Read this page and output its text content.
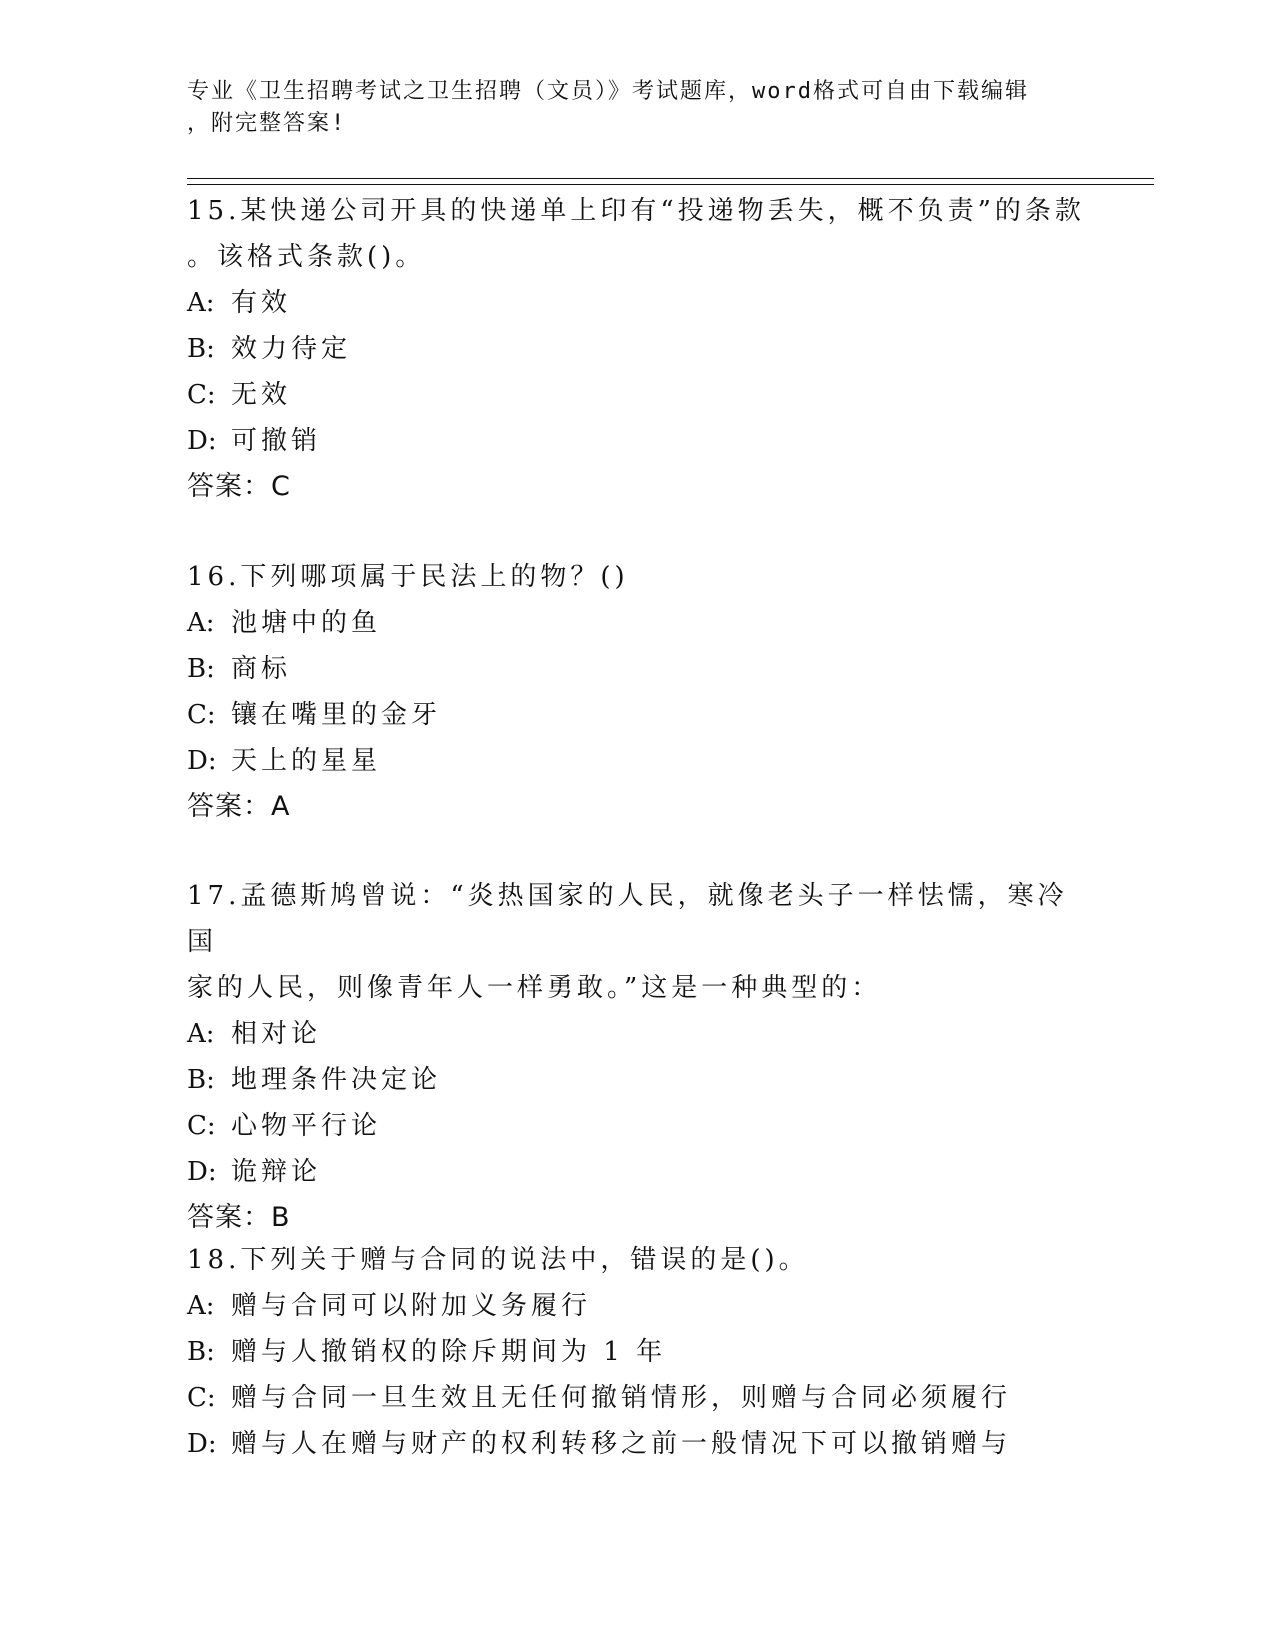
专业《卫生招聘考试之卫生招聘（文员）》考试题库，word格式可自由下载编辑
，附完整答案!
15.某快递公司开具的快递单上印有“投递物丢失，概不负责”的条款
。该格式条款()。
A: 有效
B: 效力待定
C: 无效
D: 可撤销
答案：C
16.下列哪项属于民法上的物？()
A: 池塘中的鱼
B: 商标
C: 镶在嘴里的金牙
D: 天上的星星
答案：A
17.孟德斯鸠曾说：“炎热国家的人民，就像老头子一样怯懦，寒冷国
家的人民，则像青年人一样勇敢。”这是一种典型的：
A: 相对论
B: 地理条件决定论
C: 心物平行论
D: 诡辩论
答案：B
18.下列关于赠与合同的说法中，错误的是()。
A: 赠与合同可以附加义务履行
B: 赠与人撤销权的除斥期间为 1 年
C: 赠与合同一旦生效且无任何撤销情形，则赠与合同必须履行
D: 赠与人在赠与财产的权利转移之前一般情况下可以撤销赠与
